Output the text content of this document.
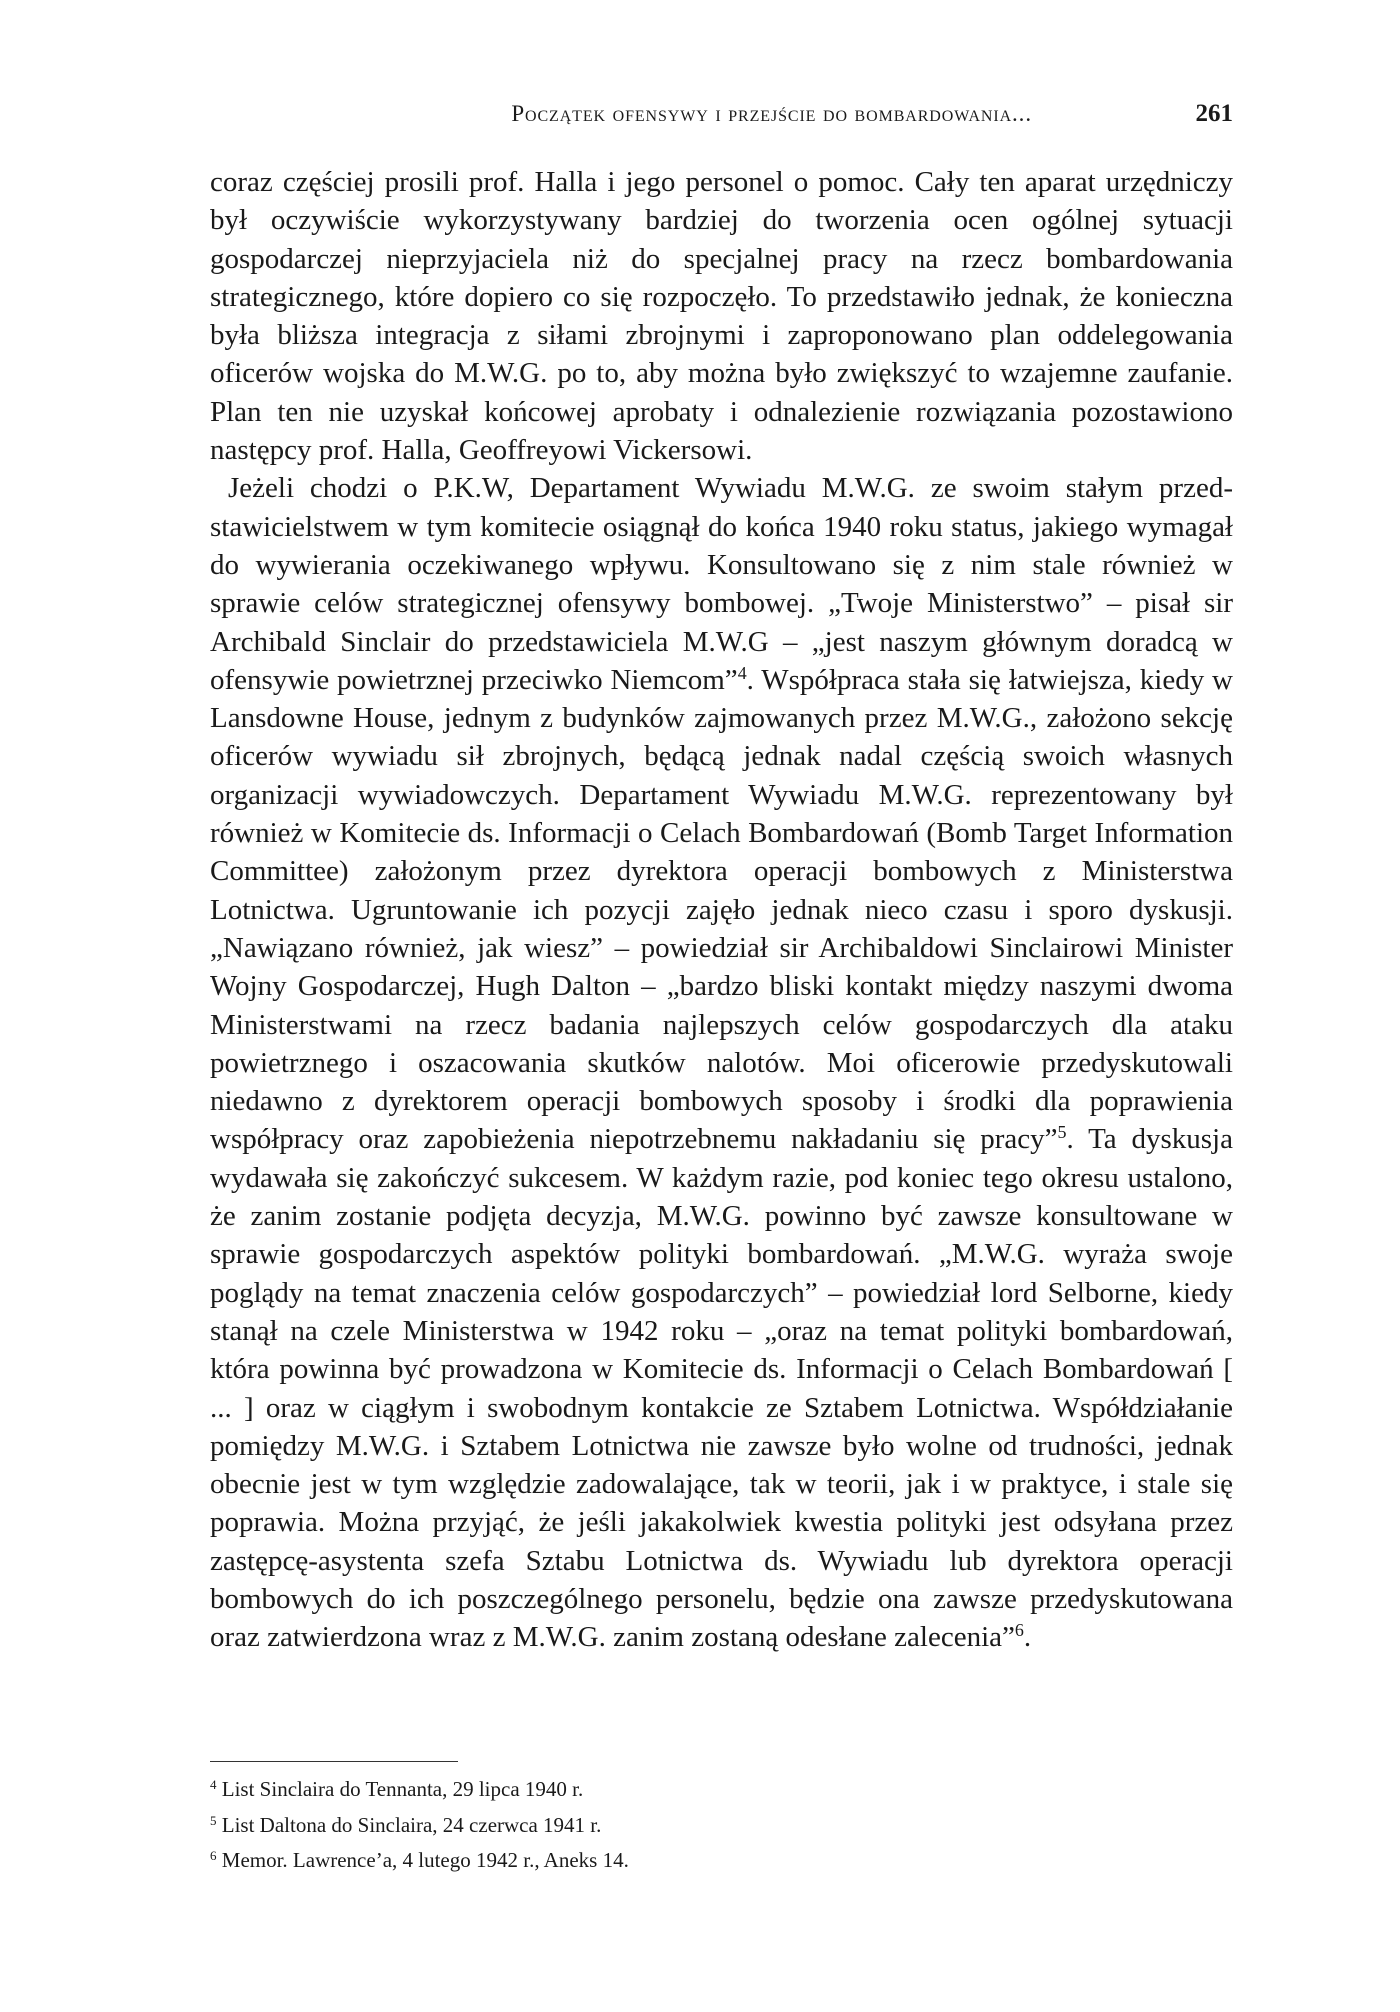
Początek ofensywy i przejście do bombardowania...	261

coraz częściej prosili prof. Halla i jego personel o pomoc. Cały ten aparat urzędniczy był oczywiście wykorzystywany bardziej do tworzenia ocen ogólnej sytuacji gospodarczej nieprzyjaciela niż do specjalnej pracy na rzecz bombardowania strategicznego, które dopiero co się rozpoczęło. To przedstawiło jednak, że konieczna była bliższa integracja z siłami zbrojnymi i zaproponowano plan oddelegowania oficerów wojska do M.W.G. po to, aby można było zwiększyć to wzajemne zaufanie. Plan ten nie uzyskał końcowej aprobaty i odnalezienie rozwiązania pozostawiono następcy prof. Halla, Geoffreyowi Vickersowi.

Jeżeli chodzi o P.K.W, Departament Wywiadu M.W.G. ze swoim stałym przedstawicielstwem w tym komitecie osiągnął do końca 1940 roku status, jakiego wymagał do wywierania oczekiwanego wpływu. Konsultowano się z nim stale również w sprawie celów strategicznej ofensywy bombowej. „Twoje Ministerstwo” – pisał sir Archibald Sinclair do przedstawiciela M.W.G – „jest naszym głównym doradcą w ofensywie powietrznej przeciwko Niemcom”$^4$. Współpraca stała się łatwiejsza, kiedy w Lansdowne House, jednym z budynków zajmowanych przez M.W.G., założono sekcję oficerów wywiadu sił zbrojnych, będącą jednak nadal częścią swoich własnych organizacji wywiadowczych. Departament Wywiadu M.W.G. reprezentowany był również w Komitecie ds. Informacji o Celach Bombardowań (Bomb Target Information Committee) założonym przez dyrektora operacji bombowych z Ministerstwa Lotnictwa. Ugruntowanie ich pozycji zajęło jednak nieco czasu i sporo dyskusji. „Nawiązano również, jak wiesz” – powiedział sir Archibaldowi Sinclairowi Minister Wojny Gospodarczej, Hugh Dalton – „bardzo bliski kontakt między naszymi dwoma Ministerstwami na rzecz badania najlepszych celów gospodarczych dla ataku powietrznego i oszacowania skutków nalotów. Moi oficerowie przedyskutowali niedawno z dyrektorem operacji bombowych sposoby i środki dla poprawienia współpracy oraz zapobieżenia niepotrzebnemu nakładaniu się pracy”$^5$. Ta dyskusja wydawała się zakończyć sukcesem. W każdym razie, pod koniec tego okresu ustalono, że zanim zostanie podjęta decyzja, M.W.G. powinno być zawsze konsultowane w sprawie gospodarczych aspektów polityki bombardowań. „M.W.G. wyraża swoje poglądy na temat znaczenia celów gospodarczych” – powiedział lord Selborne, kiedy stanął na czele Ministerstwa w 1942 roku – „oraz na temat polityki bombardowań, która powinna być prowadzona w Komitecie ds. Informacji o Celach Bombardowań [ ... ] oraz w ciągłym i swobodnym kontakcie ze Sztabem Lotnictwa. Współdziałanie pomiędzy M.W.G. i Sztabem Lotnictwa nie zawsze było wolne od trudności, jednak obecnie jest w tym względzie zadowalające, tak w teorii, jak i w praktyce, i stale się poprawia. Można przyjąć, że jeśli jakakolwiek kwestia polityki jest odsyłana przez zastępcę‑asystenta szefa Sztabu Lotnictwa ds. Wywiadu lub dyrektora operacji bombowych do ich poszczególnego personelu, będzie ona zawsze przedyskutowana oraz zatwierdzona wraz z M.W.G. zanim zostaną odesłane zalecenia”$^6$.

$^4$ List Sinclaira do Tennanta, 29 lipca 1940 r.
$^5$ List Daltona do Sinclaira, 24 czerwca 1941 r.
$^6$ Memor. Lawrence’a, 4 lutego 1942 r., Aneks 14.
